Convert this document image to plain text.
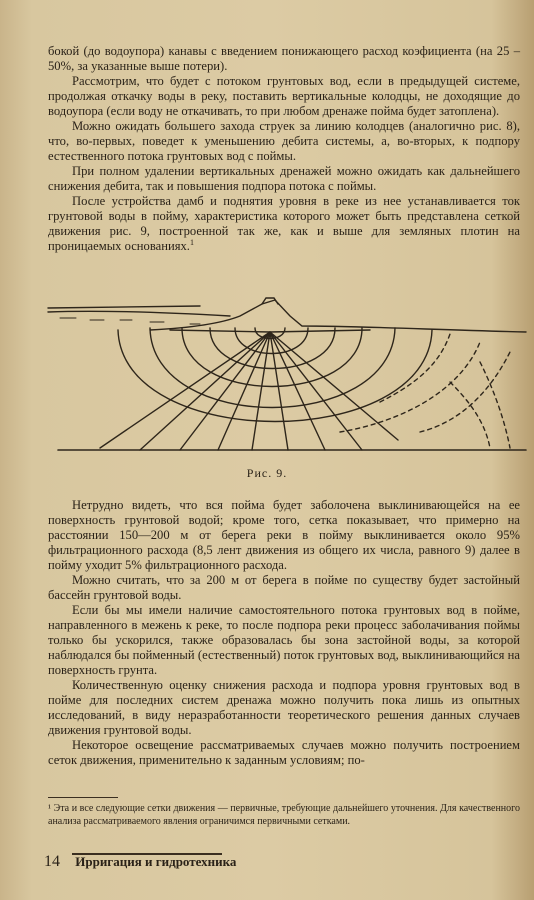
бокой (до водоупора) канавы с введением понижающего расход коэфициента (на 25 – 50%, за указанные выше потери).

Рассмотрим, что будет с потоком грунтовых вод, если в предыдущей системе, продолжая откачку воды в реку, поставить вертикальные колодцы, не доходящие до водоупора (если воду не откачивать, то при любом дренаже пойма будет затоплена).

Можно ожидать большего захода стрyек за линию колодцев (аналогично рис. 8), что, во-первых, поведет к уменьшению дебита системы, а, во-вторых, к подпору естественного потока грунтовых вод с поймы.

При полном удалении вертикальных дренажей можно ожидать как дальнейшего снижения дебита, так и повышения подпора потока с поймы.

После устройства дамб и поднятия уровня в реке из нее устанавливается ток грунтовой воды в пойму, характеристика которого может быть представлена сеткой движения рис. 9, построенной так же, как и выше для земляных плотин на проницаемых основаниях.$^1$

Рис. 9.

Нетрудно видеть, что вся пойма будет заболочена выклинивающейся на ее поверхность грунтовой водой; кроме того, сетка показывает, что примерно на расстоянии 150—200 м от берега реки в пойму выклинивается около 95% фильтрационного расхода (8,5 лент движения из общего их числа, равного 9) далее в пойму уходит 5% фильтрационного расхода.

Можно считать, что за 200 м от берега в пойме по существу будет застойный бассейн грунтовой воды.

Если бы мы имели наличие самостоятельного потока грунтовых вод в пойме, направленного в межень к реке, то после подпора реки процесс заболачивания поймы только бы ускорился, также образовалась бы зона застойной воды, за которой наблюдался бы пойменный (естественный) поток грунтовых вод, выклинивающийся на поверхность грунта.

Количественную оценку снижения расхода и подпора уровня грунтовых вод в пойме для последних систем дренажа можно получить пока лишь из опытных исследований, в виду неразработанности теоретического решения данных случаев движения грунтовой воды.

Некоторое освещение рассматриваемых случаев можно получить построением сеток движения, применительно к заданным условиям; по-

¹ Эта и все следующие сетки движения — первичные, требующие дальнейшего уточнения. Для качественного анализа рассматриваемого явления ограничимся первичными сетками.
14 Ирригация и гидротехника
